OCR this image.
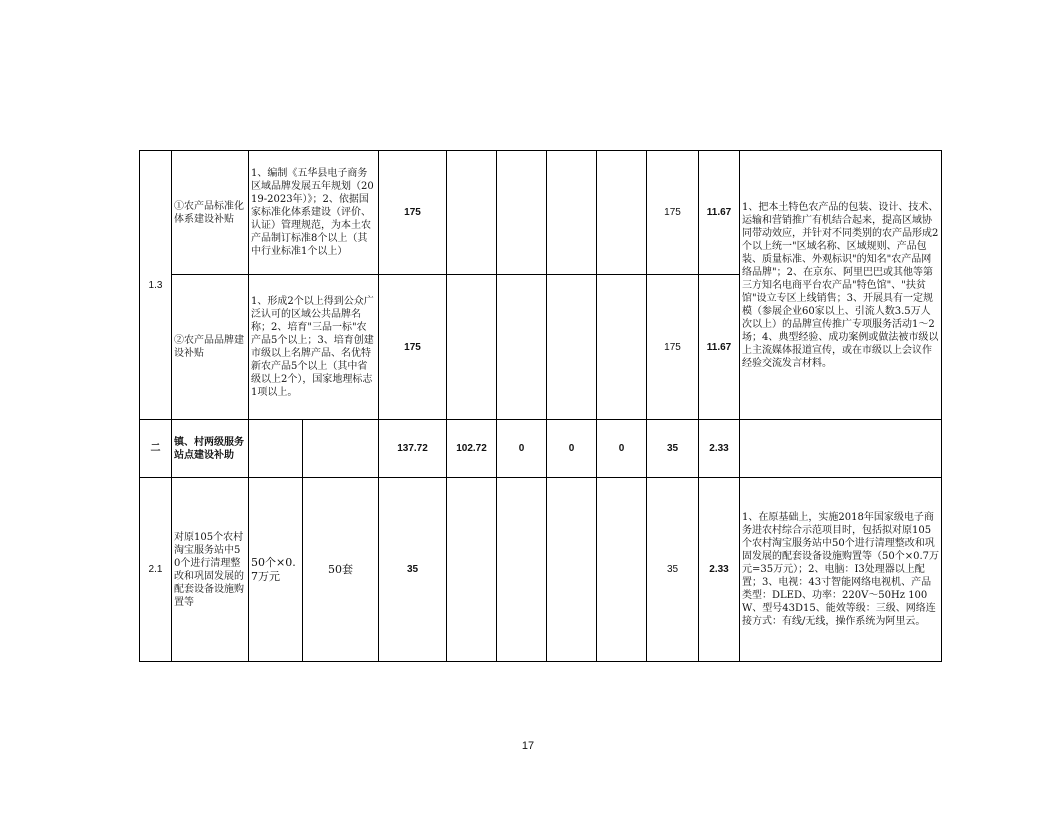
1.3	①农产品标准化体系建设补贴	1、编制《五华县电子商务区域品牌发展五年规划（2019-2023年）》；2、依据国家标准化体系建设（评价、认证）管理规范，为本土农产品制订标准8个以上（其中行业标准1个以上）		175					175	11.67	1、把本土特色农产品的包装、设计、技术、运输和营销推广有机结合起来，提高区域协同带动效应，并针对不同类别的农产品形成2个以上统一"区域名称、区域规则、产品包装、质量标准、外观标识"的知名"农产品网络品牌"；2、在京东、阿里巴巴或其他等第三方知名电商平台农产品"特色馆"、"扶贫馆"设立专区上线销售；3、开展具有一定规模（参展企业60家以上、引流人数3.5万人次以上）的品牌宣传推广专项服务活动1～2场；4、典型经验、成功案例或做法被市级以上主流媒体报道宣传，或在市级以上会议作经验交流发言材料。
	②农产品品牌建设补贴	1、形成2个以上得到公众广泛认可的区域公共品牌名称；2、培育"三品一标"农产品5个以上；3、培育创建市级以上名牌产品、名优特新农产品5个以上（其中省级以上2个），国家地理标志1项以上。		175					175	11.67	
二	镇、村两级服务站点建设补助			137.72	102.72	0	0	0	35	2.33	
2.1	对原105个农村淘宝服务站中50个进行清理整改和巩固发展的配套设备设施购置等	50个×0.7万元	50套	35					35	2.33	1、在原基础上，实施2018年国家级电子商务进农村综合示范项目时，包括拟对原105个农村淘宝服务站中50个进行清理整改和巩固发展的配套设备设施购置等（50个×0.7万元=35万元）；2、电脑：I3处理器以上配置；3、电视：43寸智能网络电视机、产品类型：DLED、功率：220V～50Hz 100W、型号43D15、能效等级：三级、网络连接方式：有线/无线，操作系统为阿里云。
17
